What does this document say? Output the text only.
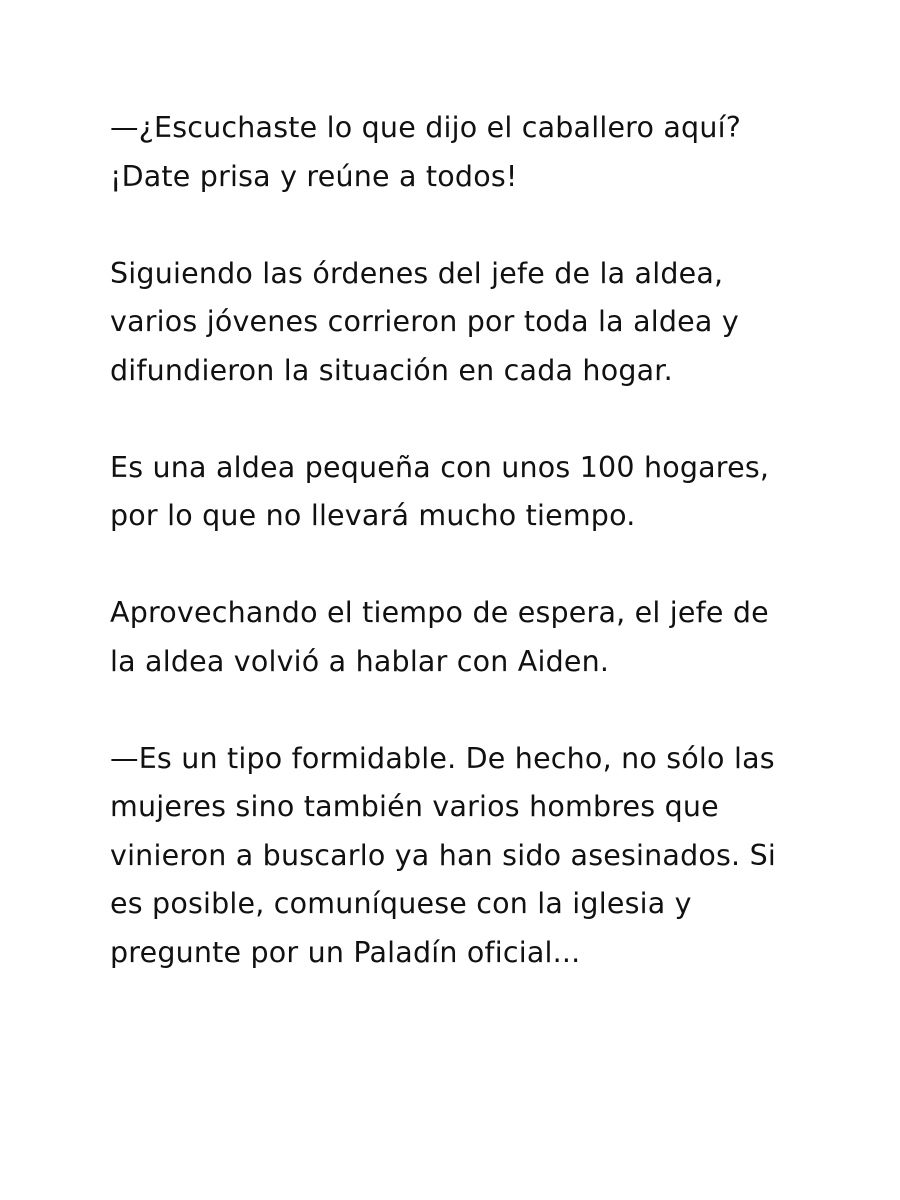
—¿Escuchaste lo que dijo el caballero aquí?
¡Date prisa y reúne a todos!

Siguiendo las órdenes del jefe de la aldea,
varios jóvenes corrieron por toda la aldea y
difundieron la situación en cada hogar.

Es una aldea pequeña con unos 100 hogares,
por lo que no llevará mucho tiempo.

Aprovechando el tiempo de espera, el jefe de
la aldea volvió a hablar con Aiden.

—Es un tipo formidable. De hecho, no sólo las
mujeres sino también varios hombres que
vinieron a buscarlo ya han sido asesinados. Si
es posible, comuníquese con la iglesia y
pregunte por un Paladín oficial...
